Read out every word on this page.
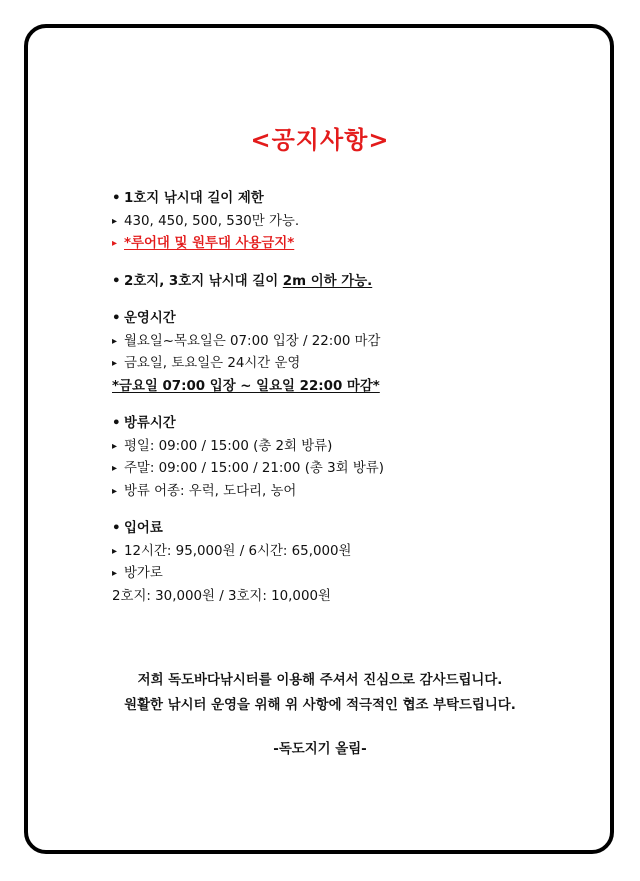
<공지사항>
• 1호지 낚시대 길이 제한
▸ 430, 450, 500, 530만 가능.
▸ *루어대 및 원투대 사용금지*
• 2호지, 3호지 낚시대 길이 2m 이하 가능.
• 운영시간
▸ 월요일~목요일은 07:00 입장 / 22:00 마감
▸ 금요일, 토요일은 24시간 운영
*금요일 07:00 입장 ~ 일요일 22:00 마감*
• 방류시간
▸ 평일: 09:00 / 15:00 (총 2회 방류)
▸ 주말: 09:00 / 15:00 / 21:00 (총 3회 방류)
▸ 방류 어종: 우럭, 도다리, 농어
• 입어료
▸ 12시간: 95,000원 / 6시간: 65,000원
▸ 방가로
2호지: 30,000원 / 3호지: 10,000원
저희 독도바다낚시터를 이용해 주셔서 진심으로 감사드립니다.
원활한 낚시터 운영을 위해 위 사항에 적극적인 협조 부탁드립니다.
-독도지기 올림-
